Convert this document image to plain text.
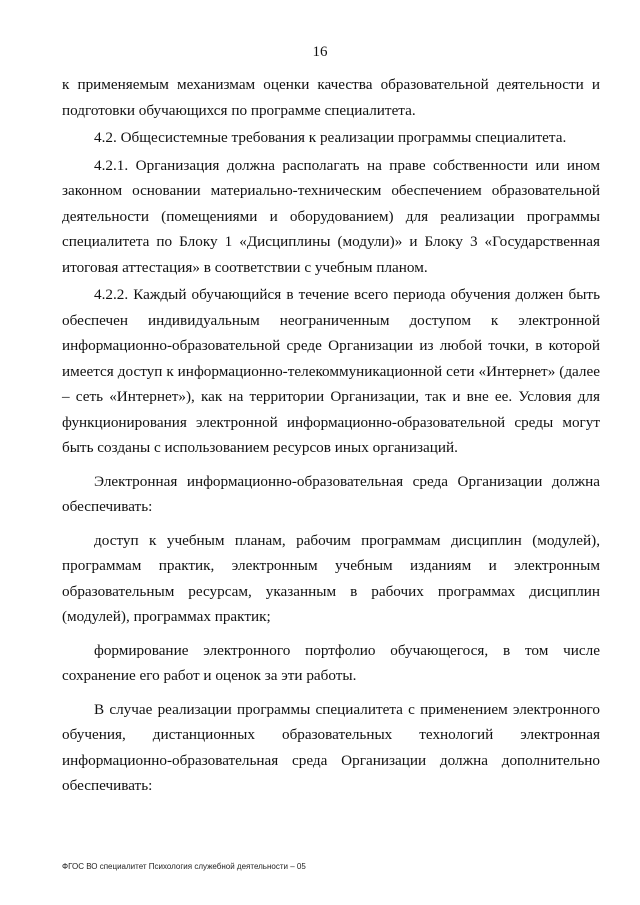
16

к применяемым механизмам оценки качества образовательной деятельности и подготовки обучающихся по программе специалитета.

4.2. Общесистемные требования к реализации программы специалитета.

4.2.1. Организация должна располагать на праве собственности или ином законном основании материально-техническим обеспечением образовательной деятельности (помещениями и оборудованием) для реализации программы специалитета по Блоку 1 «Дисциплины (модули)» и Блоку 3 «Государственная итоговая аттестация» в соответствии с учебным планом.

4.2.2. Каждый обучающийся в течение всего периода обучения должен быть обеспечен индивидуальным неограниченным доступом к электронной информационно-образовательной среде Организации из любой точки, в которой имеется доступ к информационно-телекоммуникационной сети «Интернет» (далее – сеть «Интернет»), как на территории Организации, так и вне ее. Условия для функционирования электронной информационно-образовательной среды могут быть созданы с использованием ресурсов иных организаций.

Электронная информационно-образовательная среда Организации должна обеспечивать:

доступ к учебным планам, рабочим программам дисциплин (модулей), программам практик, электронным учебным изданиям и электронным образовательным ресурсам, указанным в рабочих программах дисциплин (модулей), программах практик;

формирование электронного портфолио обучающегося, в том числе сохранение его работ и оценок за эти работы.

В случае реализации программы специалитета с применением электронного обучения, дистанционных образовательных технологий электронная информационно-образовательная среда Организации должна дополнительно обеспечивать:

ФГОС ВО специалитет Психология служебной деятельности – 05
